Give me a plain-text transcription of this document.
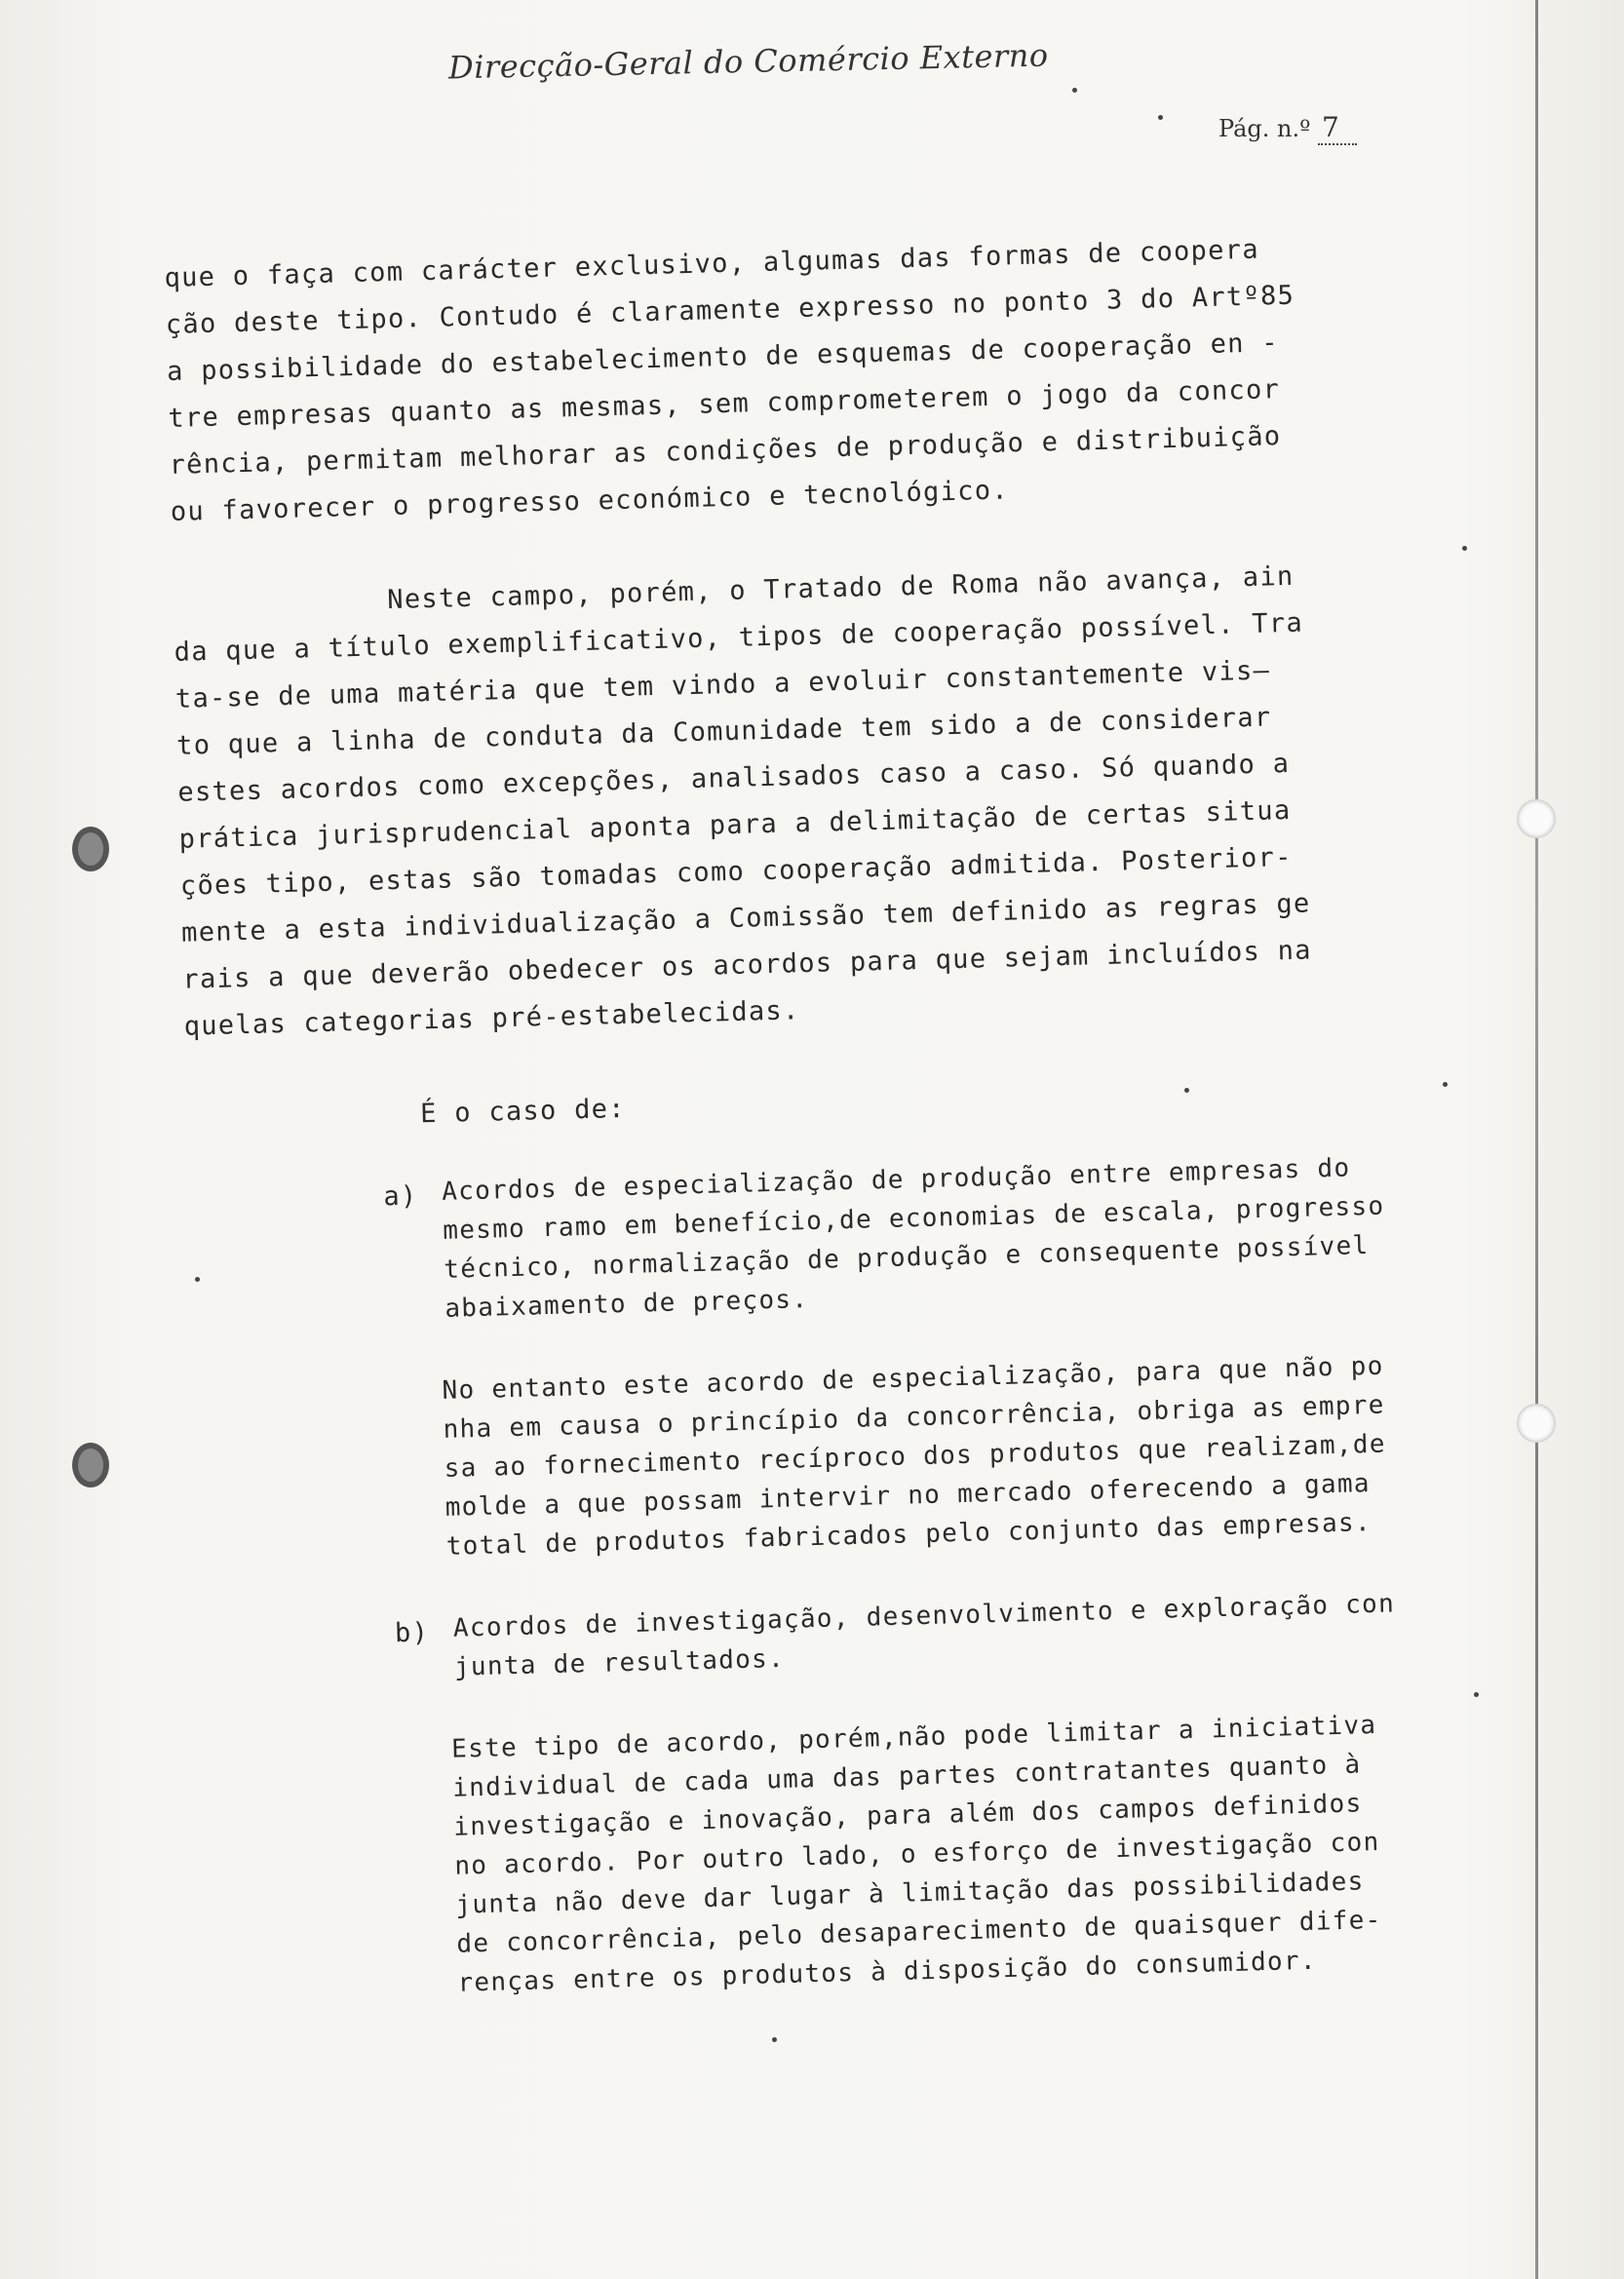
Direcção-Geral do Comércio Externo
Pág. n.º 7
que o faça com carácter exclusivo, algumas das formas de coopera
ção deste tipo. Contudo é claramente expresso no ponto 3 do Artº85
a possibilidade do estabelecimento de esquemas de cooperação en -
tre empresas quanto as mesmas, sem comprometerem o jogo da concor
rência, permitam melhorar as condições de produção e distribuição
ou favorecer o progresso económico e tecnológico.
Neste campo, porém, o Tratado de Roma não avança, ain
da que a título exemplificativo, tipos de cooperação possível. Tra
ta-se de uma matéria que tem vindo a evoluir constantemente vis—
to que a linha de conduta da Comunidade tem sido a de considerar
estes acordos como excepções, analisados caso a caso. Só quando a
prática jurisprudencial aponta para a delimitação de certas situa
ções tipo, estas são tomadas como cooperação admitida. Posterior-
mente a esta individualização a Comissão tem definido as regras ge
rais a que deverão obedecer os acordos para que sejam incluídos na
quelas categorias pré-estabelecidas.
É o caso de:
a) Acordos de especialização de produção entre empresas do
mesmo ramo em benefício,de economias de escala, progresso
técnico, normalização de produção e consequente possível
abaixamento de preços.
No entanto este acordo de especialização, para que não po
nha em causa o princípio da concorrência, obriga as empre
sa ao fornecimento recíproco dos produtos que realizam,de
molde a que possam intervir no mercado oferecendo a gama
total de produtos fabricados pelo conjunto das empresas.
b) Acordos de investigação, desenvolvimento e exploração con
junta de resultados.
Este tipo de acordo, porém,não pode limitar a iniciativa
individual de cada uma das partes contratantes quanto à
investigação e inovação, para além dos campos definidos
no acordo. Por outro lado, o esforço de investigação con
junta não deve dar lugar à limitação das possibilidades
de concorrência, pelo desaparecimento de quaisquer dife-
renças entre os produtos à disposição do consumidor.
